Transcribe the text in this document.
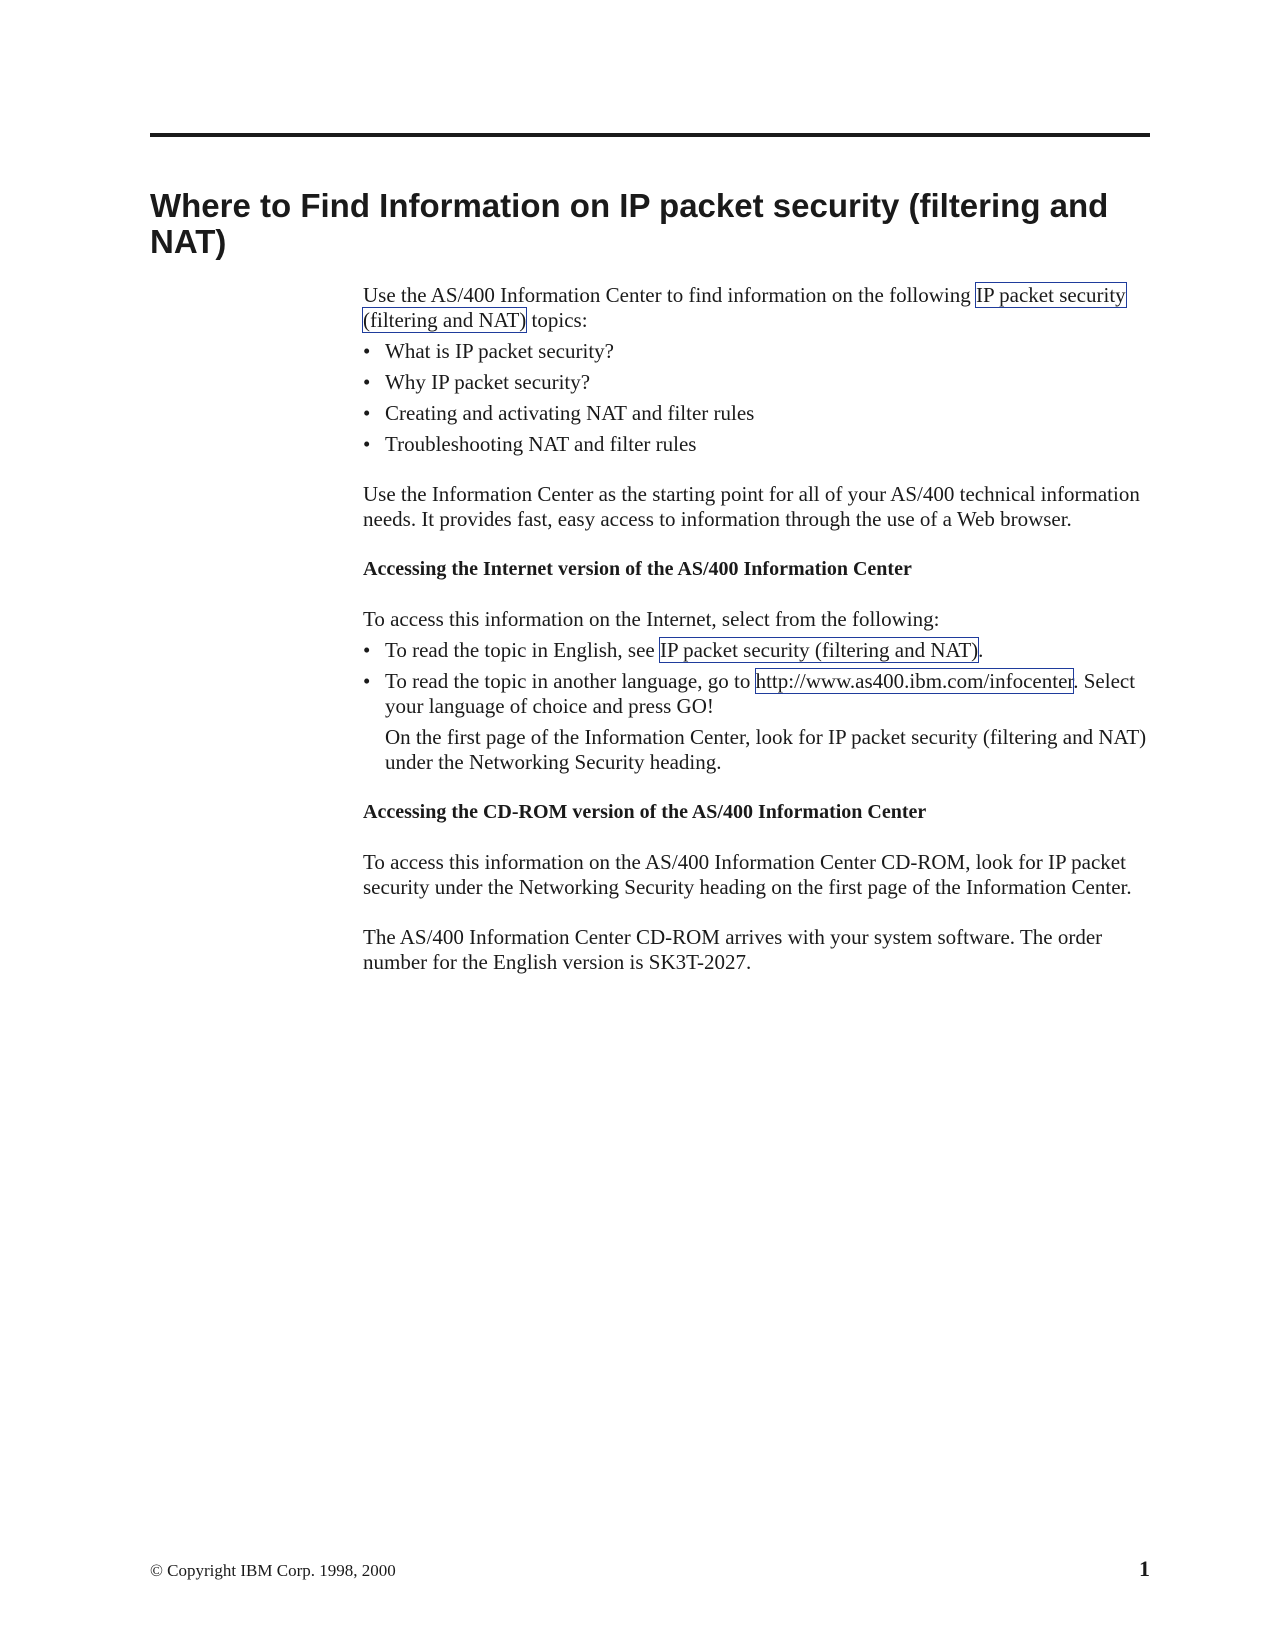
Where to Find Information on IP packet security (filtering and NAT)

Use the AS/400 Information Center to find information on the following IP packet security (filtering and NAT) topics:

• What is IP packet security?
• Why IP packet security?
• Creating and activating NAT and filter rules
• Troubleshooting NAT and filter rules

Use the Information Center as the starting point for all of your AS/400 technical information needs. It provides fast, easy access to information through the use of a Web browser.

Accessing the Internet version of the AS/400 Information Center

To access this information on the Internet, select from the following:

• To read the topic in English, see IP packet security (filtering and NAT).
• To read the topic in another language, go to http://www.as400.ibm.com/infocenter. Select your language of choice and press GO!

On the first page of the Information Center, look for IP packet security (filtering and NAT) under the Networking Security heading.

Accessing the CD-ROM version of the AS/400 Information Center

To access this information on the AS/400 Information Center CD-ROM, look for IP packet security under the Networking Security heading on the first page of the Information Center.

The AS/400 Information Center CD-ROM arrives with your system software. The order number for the English version is SK3T-2027.

© Copyright IBM Corp. 1998, 2000	1
